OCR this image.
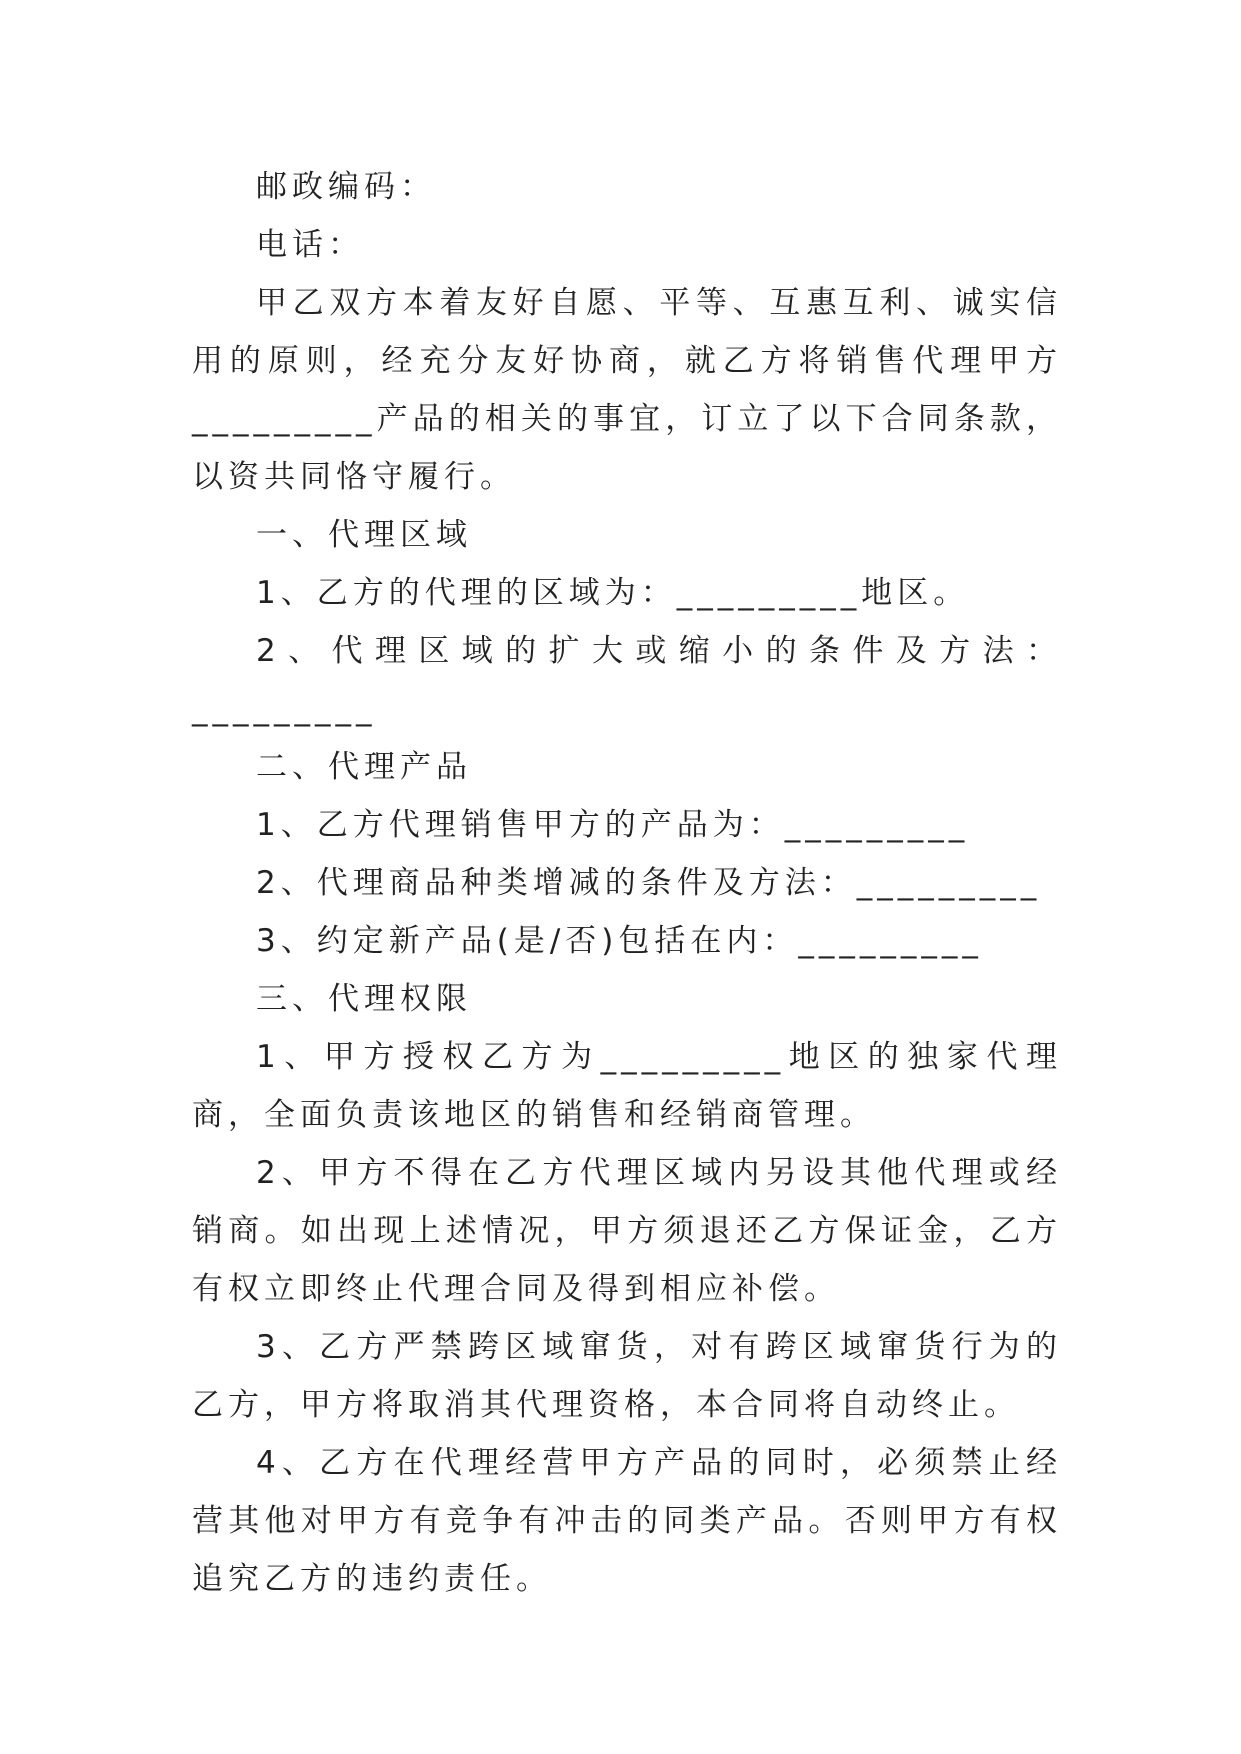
邮政编码：

电话：

甲乙双方本着友好自愿、平等、互惠互利、诚实信用的原则，经充分友好协商，就乙方将销售代理甲方_________产品的相关的事宜，订立了以下合同条款，以资共同恪守履行。

一、代理区域

1、乙方的代理的区域为：_________地区。

2、代理区域的扩大或缩小的条件及方法：_________

二、代理产品

1、乙方代理销售甲方的产品为：_________

2、代理商品种类增减的条件及方法：_________

3、约定新产品(是/否)包括在内：_________

三、代理权限

1、甲方授权乙方为_________地区的独家代理商，全面负责该地区的销售和经销商管理。

2、甲方不得在乙方代理区域内另设其他代理或经销商。如出现上述情况，甲方须退还乙方保证金，乙方有权立即终止代理合同及得到相应补偿。

3、乙方严禁跨区域窜货，对有跨区域窜货行为的乙方，甲方将取消其代理资格，本合同将自动终止。

4、乙方在代理经营甲方产品的同时，必须禁止经营其他对甲方有竞争有冲击的同类产品。否则甲方有权追究乙方的违约责任。
